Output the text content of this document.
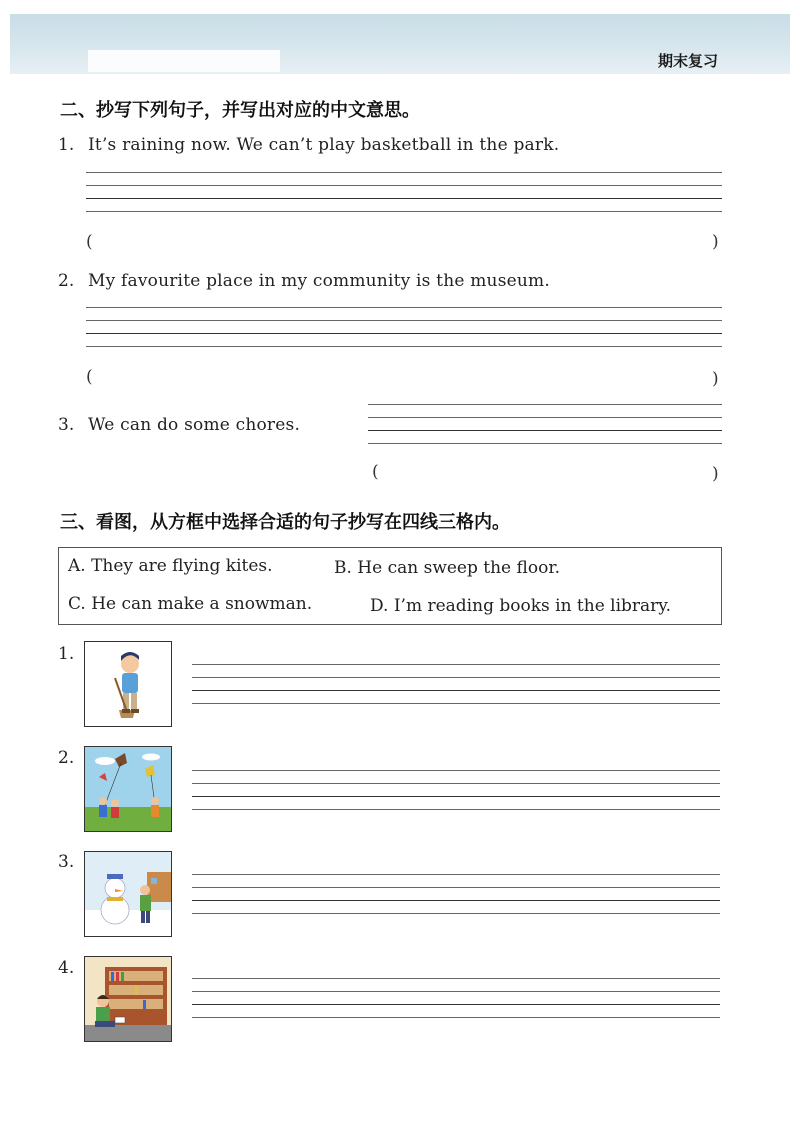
期末复习
二、抄写下列句子，并写出对应的中文意思。
1. It’s raining now. We can’t play basketball in the park.
(	)
2. My favourite place in my community is the museum.
(	)
3. We can do some chores.
(	)
三、看图，从方框中选择合适的句子抄写在四线三格内。
A. They are flying kites.	B. He can sweep the floor.
C. He can make a snowman.	D. I’m reading books in the library.
1.
2.
3.
4.
